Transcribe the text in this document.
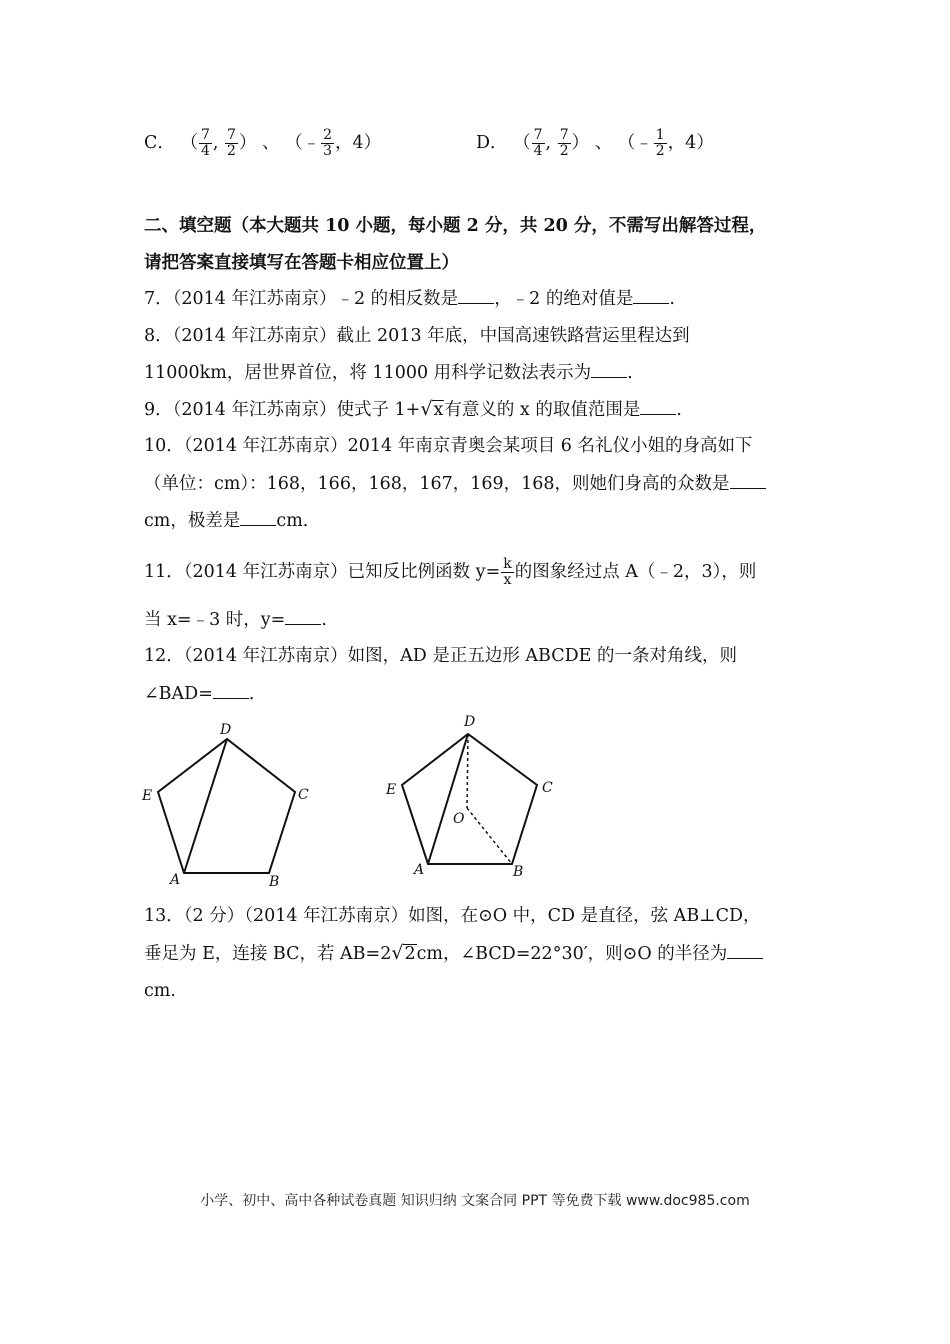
C． （ $\frac{7}{4}$ , $\frac{7}{2}$ ） 、 （﹣ $\frac{2}{3}$ ，4）	D． （ $\frac{7}{4}$ , $\frac{7}{2}$ ） 、 （﹣ $\frac{1}{2}$ ，4）
二、填空题（本大题共 10 小题，每小题 2 分，共 20 分，不需写出解答过程，
请把答案直接填写在答题卡相应位置上）
7．（2014 年江苏南京）﹣2 的相反数是 ，﹣2 的绝对值是 .
8．（2014 年江苏南京）截止 2013 年底，中国高速铁路营运里程达到
11000km，居世界首位，将 11000 用科学记数法表示为 .
9．（2014 年江苏南京）使式子 1+√x有意义的 x 的取值范围是 .
10．（2014 年江苏南京）2014 年南京青奥会某项目 6 名礼仪小姐的身高如下
（单位：cm）：168，166，168，167，169，168，则她们身高的众数是
cm，极差是 cm.
11．（2014 年江苏南京）已知反比例函数 $y= \frac{k}{x}$ 的图象经过点 A（﹣2，3），则
当 x=﹣3 时，y= .
12．（2014 年江苏南京）如图，AD 是正五边形 ABCDE 的一条对角线，则
∠BAD= .
D
E	C
A	B
D
E	C
O
A	B
13．（2 分）（2014 年江苏南京）如图，在⊙O 中，CD 是直径，弦 AB⊥CD，
垂足为 E，连接 BC，若 AB=2√2cm，∠BCD=22°30′，则⊙O 的半径为
cm.
小学、初中、高中各种试卷真题 知识归纳 文案合同 PPT 等免费下载 www.doc985.com
